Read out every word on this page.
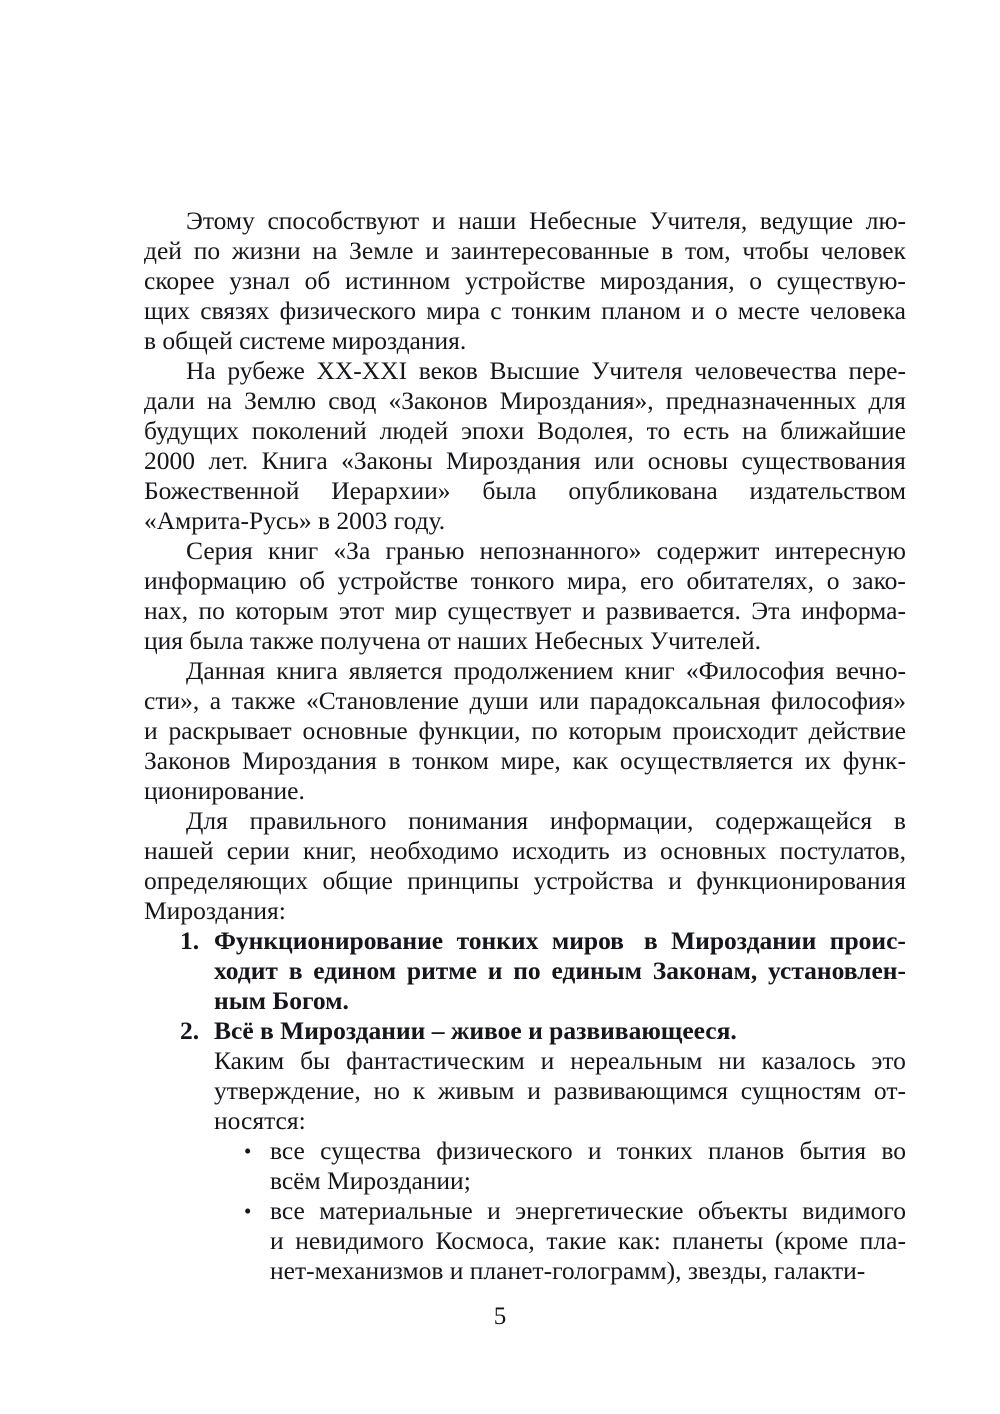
Этому способствуют и наши Небесные Учителя, ведущие лю-
дей по жизни на Земле и заинтересованные в том, чтобы человек
скорее узнал об истинном устройстве мироздания, о существую-
щих связях физического мира с тонким планом и о месте человека
в общей системе мироздания.
На рубеже XX-XXI веков Высшие Учителя человечества пере-
дали на Землю свод «Законов Мироздания», предназначенных для
будущих поколений людей эпохи Водолея, то есть на ближайшие
2000 лет. Книга «Законы Мироздания или основы существования
Божественной Иерархии» была опубликована издательством
«Амрита-Русь» в 2003 году.
Серия книг «За гранью непознанного» содержит интересную
информацию об устройстве тонкого мира, его обитателях, о зако-
нах, по которым этот мир существует и развивается. Эта информа-
ция была также получена от наших Небесных Учителей.
Данная книга является продолжением книг «Философия вечно-
сти», а также «Становление души или парадоксальная философия»
и раскрывает основные функции, по которым происходит действие
Законов Мироздания в тонком мире, как осуществляется их функ-
ционирование.
Для правильного понимания информации, содержащейся в
нашей серии книг, необходимо исходить из основных постулатов,
определяющих общие принципы устройства и функционирования
Мироздания:
Функционирование тонких миров в Мироздании проис-
1.
ходит в едином ритме и по единым Законам, установлен-
ным Богом.
Всё в Мироздании – живое и развивающееся.
2.
Каким бы фантастическим и нереальным ни казалось это
утверждение, но к живым и развивающимся сущностям от-
носятся:
все существа физического и тонких планов бытия во
•
всём Мироздании;
все материальные и энергетические объекты видимого
•
и невидимого Космоса, такие как: планеты (кроме пла-
нет-механизмов и планет-голограмм), звезды, галакти-
5
